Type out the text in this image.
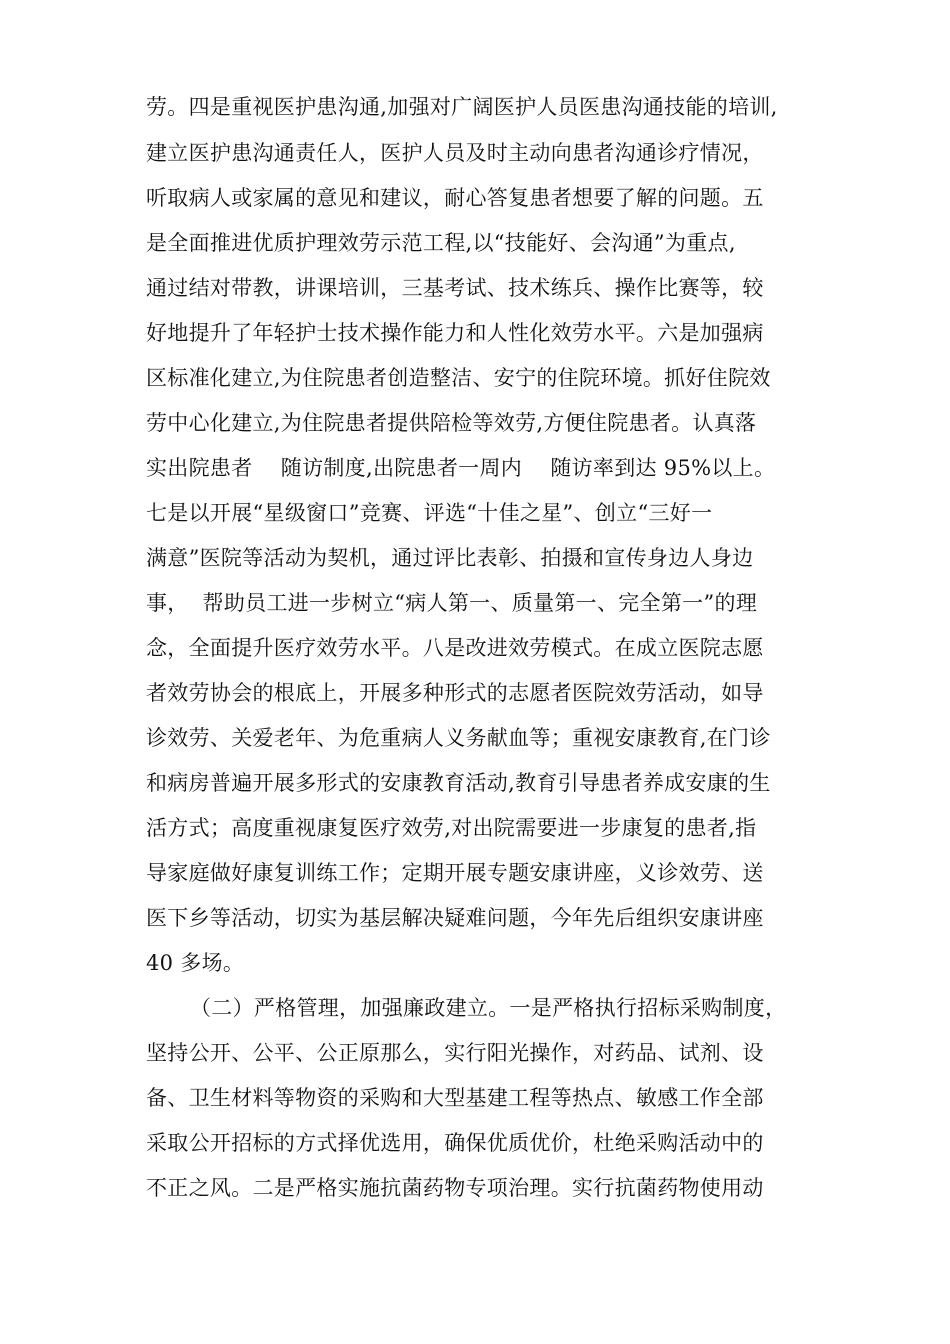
劳。四是重视医护患沟通,加强对广阔医护人员医患沟通技能的培训,
建立医护患沟通责任人，医护人员及时主动向患者沟通诊疗情况，
听取病人或家属的意见和建议，耐心答复患者想要了解的问题。五
是全面推进优质护理效劳示范工程,以“技能好、会沟通”为重点,
通过结对带教，讲课培训，三基考试、技术练兵、操作比赛等，较
好地提升了年轻护士技术操作能力和人性化效劳水平。六是加强病
区标准化建立,为住院患者创造整洁、安宁的住院环境。抓好住院效
劳中心化建立,为住院患者提供陪检等效劳,方便住院患者。认真落
实出院患者　 随访制度,出院患者一周内　 随访率到达 95%以上。
七是以开展“星级窗口”竞赛、评选“十佳之星”、创立“三好一
满意”医院等活动为契机，通过评比表彰、拍摄和宣传身边人身边
事，  帮助员工进一步树立“病人第一、质量第一、完全第一”的理
念，全面提升医疗效劳水平。八是改进效劳模式。在成立医院志愿
者效劳协会的根底上，开展多种形式的志愿者医院效劳活动，如导
诊效劳、关爱老年、为危重病人义务献血等；重视安康教育,在门诊
和病房普遍开展多形式的安康教育活动,教育引导患者养成安康的生
活方式；高度重视康复医疗效劳,对出院需要进一步康复的患者,指
导家庭做好康复训练工作；定期开展专题安康讲座，义诊效劳、送
医下乡等活动，切实为基层解决疑难问题，今年先后组织安康讲座
40 多场。
（二）严格管理，加强廉政建立。一是严格执行招标采购制度，
坚持公开、公平、公正原那么，实行阳光操作，对药品、试剂、设
备、卫生材料等物资的采购和大型基建工程等热点、敏感工作全部
采取公开招标的方式择优选用，确保优质优价，杜绝采购活动中的
不正之风。二是严格实施抗菌药物专项治理。实行抗菌药物使用动
